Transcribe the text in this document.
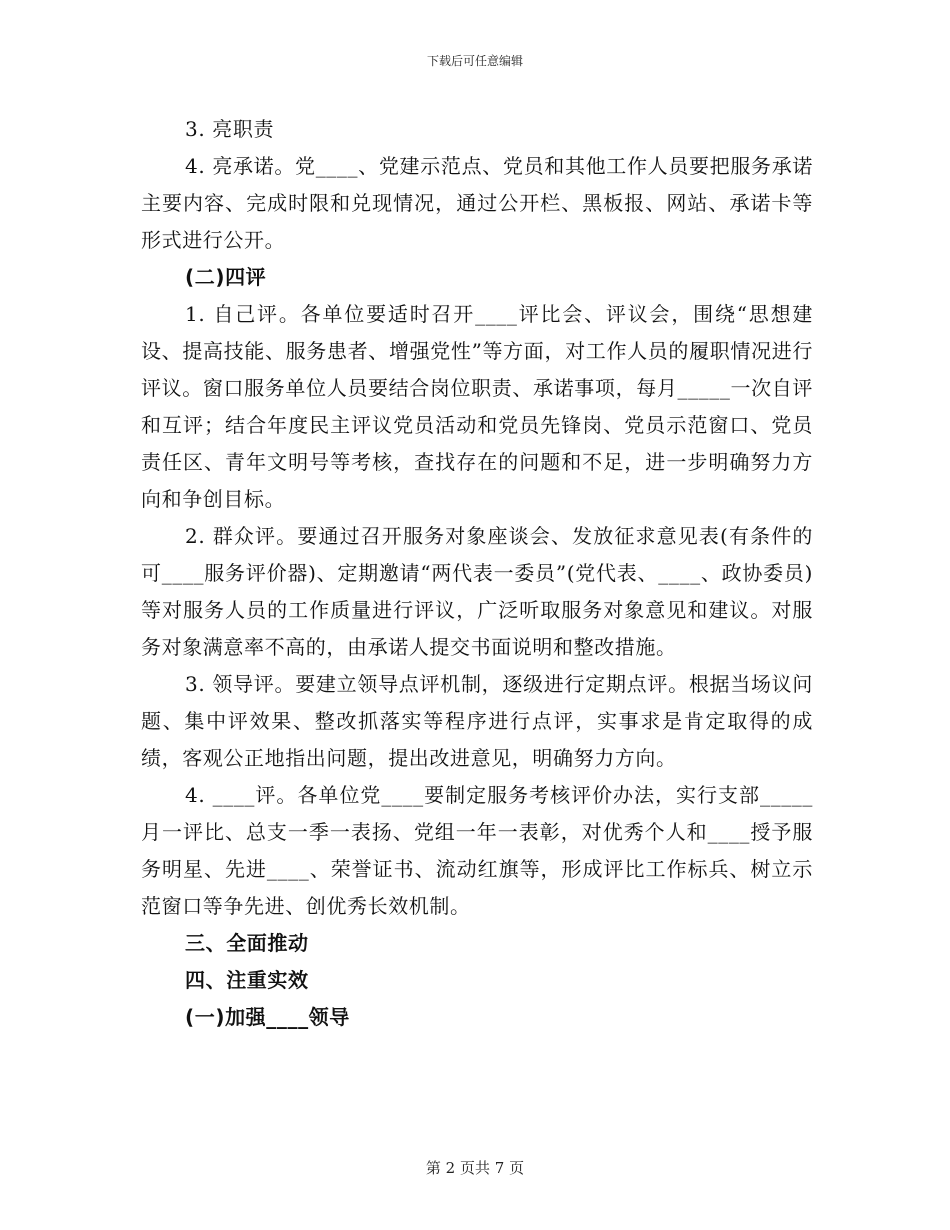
下载后可任意编辑

3. 亮职责

4. 亮承诺。党____、党建示范点、党员和其他工作人员要把服务承诺主要内容、完成时限和兑现情况，通过公开栏、黑板报、网站、承诺卡等形式进行公开。

(二)四评

1. 自己评。各单位要适时召开____评比会、评议会，围绕“思想建设、提高技能、服务患者、增强党性”等方面，对工作人员的履职情况进行评议。窗口服务单位人员要结合岗位职责、承诺事项，每月_____一次自评和互评；结合年度民主评议党员活动和党员先锋岗、党员示范窗口、党员责任区、青年文明号等考核，查找存在的问题和不足，进一步明确努力方向和争创目标。

2. 群众评。要通过召开服务对象座谈会、发放征求意见表(有条件的可____服务评价器)、定期邀请“两代表一委员”(党代表、____、政协委员)等对服务人员的工作质量进行评议，广泛听取服务对象意见和建议。对服务对象满意率不高的，由承诺人提交书面说明和整改措施。

3. 领导评。要建立领导点评机制，逐级进行定期点评。根据当场议问题、集中评效果、整改抓落实等程序进行点评，实事求是肯定取得的成绩，客观公正地指出问题，提出改进意见，明确努力方向。

4. ____评。各单位党____要制定服务考核评价办法，实行支部_____月一评比、总支一季一表扬、党组一年一表彰，对优秀个人和____授予服务明星、先进____、荣誉证书、流动红旗等，形成评比工作标兵、树立示范窗口等争先进、创优秀长效机制。

三、全面推动

四、注重实效

(一)加强____领导

第 2 页共 7 页
